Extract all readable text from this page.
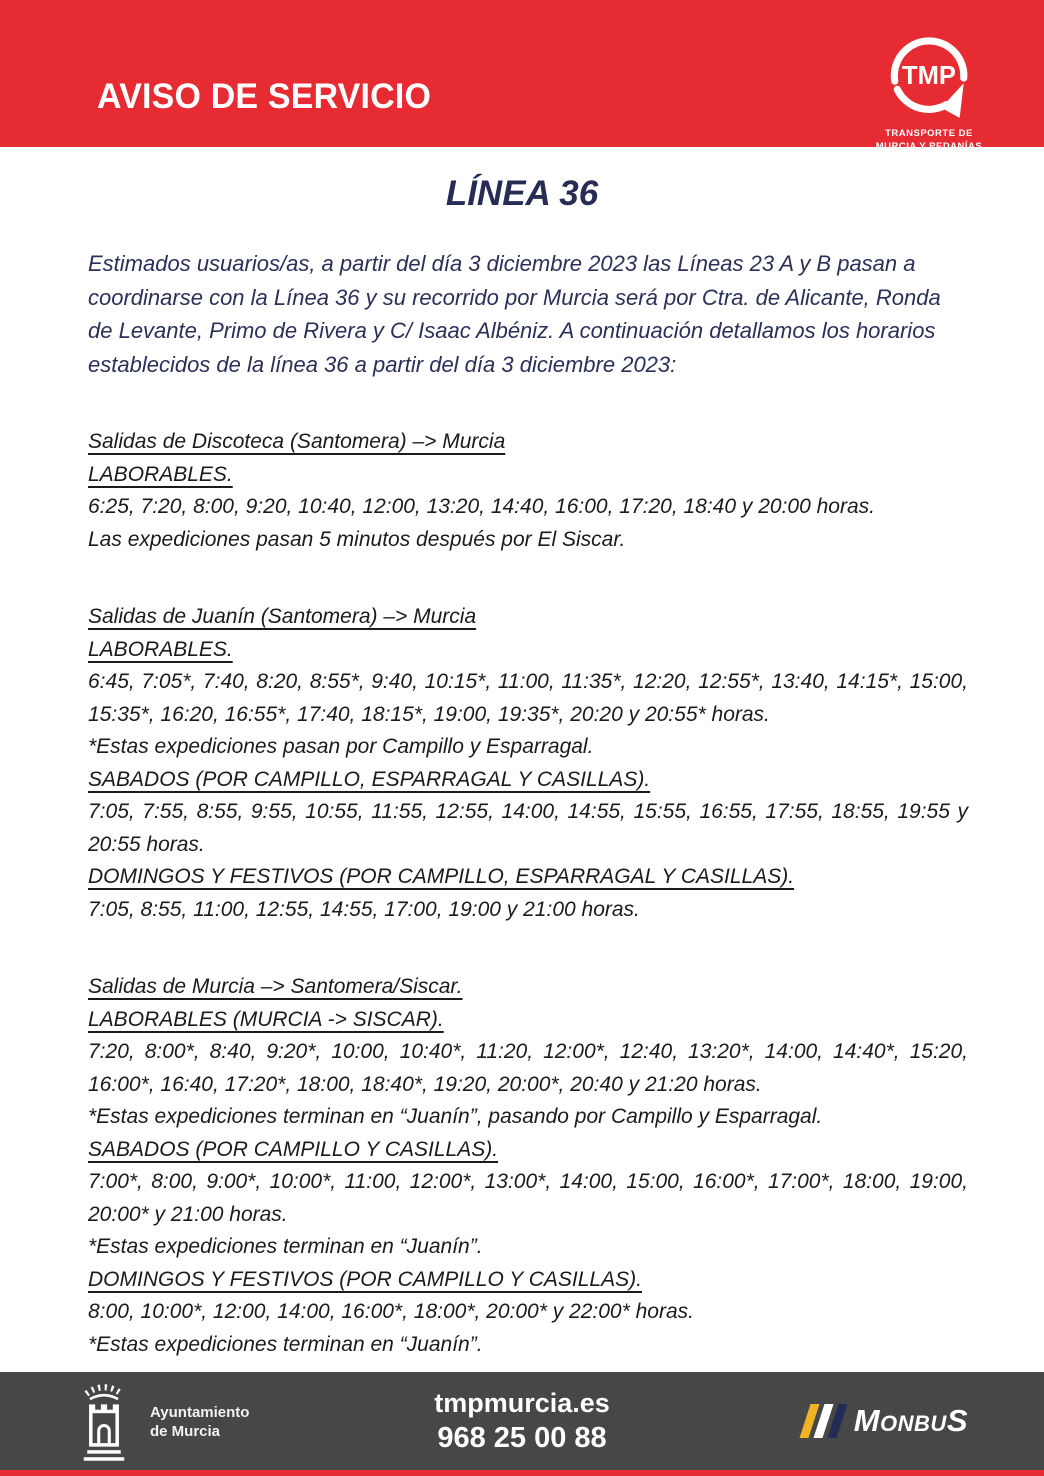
AVISO DE SERVICIO
TMP
TRANSPORTE DE
MURCIA Y PEDANÍAS
LÍNEA 36

Estimados usuarios/as, a partir del día 3 diciembre 2023 las Líneas 23 A y B pasan a coordinarse con la Línea 36 y su recorrido por Murcia será por Ctra. de Alicante, Ronda de Levante, Primo de Rivera y C/ Isaac Albéniz. A continuación detallamos los horarios establecidos de la línea 36 a partir del día 3 diciembre 2023:

Salidas de Discoteca (Santomera) –> Murcia
LABORABLES.
6:25, 7:20, 8:00, 9:20, 10:40, 12:00, 13:20, 14:40, 16:00, 17:20, 18:40 y 20:00 horas.
Las expediciones pasan 5 minutos después por El Siscar.
Salidas de Juanín (Santomera) –> Murcia
LABORABLES.
6:45, 7:05*, 7:40, 8:20, 8:55*, 9:40, 10:15*, 11:00, 11:35*, 12:20, 12:55*, 13:40, 14:15*, 15:00, 15:35*, 16:20, 16:55*, 17:40, 18:15*, 19:00, 19:35*, 20:20 y 20:55* horas.
*Estas expediciones pasan por Campillo y Esparragal.
SABADOS (POR CAMPILLO, ESPARRAGAL Y CASILLAS).
7:05, 7:55, 8:55, 9:55, 10:55, 11:55, 12:55, 14:00, 14:55, 15:55, 16:55, 17:55, 18:55, 19:55 y 20:55 horas.
DOMINGOS Y FESTIVOS (POR CAMPILLO, ESPARRAGAL Y CASILLAS).
7:05, 8:55, 11:00, 12:55, 14:55, 17:00, 19:00 y 21:00 horas.
Salidas de Murcia –> Santomera/Siscar.
LABORABLES (MURCIA -> SISCAR).
7:20, 8:00*, 8:40, 9:20*, 10:00, 10:40*, 11:20, 12:00*, 12:40, 13:20*, 14:00, 14:40*, 15:20, 16:00*, 16:40, 17:20*, 18:00, 18:40*, 19:20, 20:00*, 20:40 y 21:20 horas.
*Estas expediciones terminan en “Juanín”, pasando por Campillo y Esparragal.
SABADOS (POR CAMPILLO Y CASILLAS).
7:00*, 8:00, 9:00*, 10:00*, 11:00, 12:00*, 13:00*, 14:00, 15:00, 16:00*, 17:00*, 18:00, 19:00, 20:00* y 21:00 horas.
*Estas expediciones terminan en “Juanín”.
DOMINGOS Y FESTIVOS (POR CAMPILLO Y CASILLAS).
8:00, 10:00*, 12:00, 14:00, 16:00*, 18:00*, 20:00* y 22:00* horas.
*Estas expediciones terminan en “Juanín”.
Ayuntamiento
de Murcia
tmpmurcia.es
968 25 00 88	MonbuS
